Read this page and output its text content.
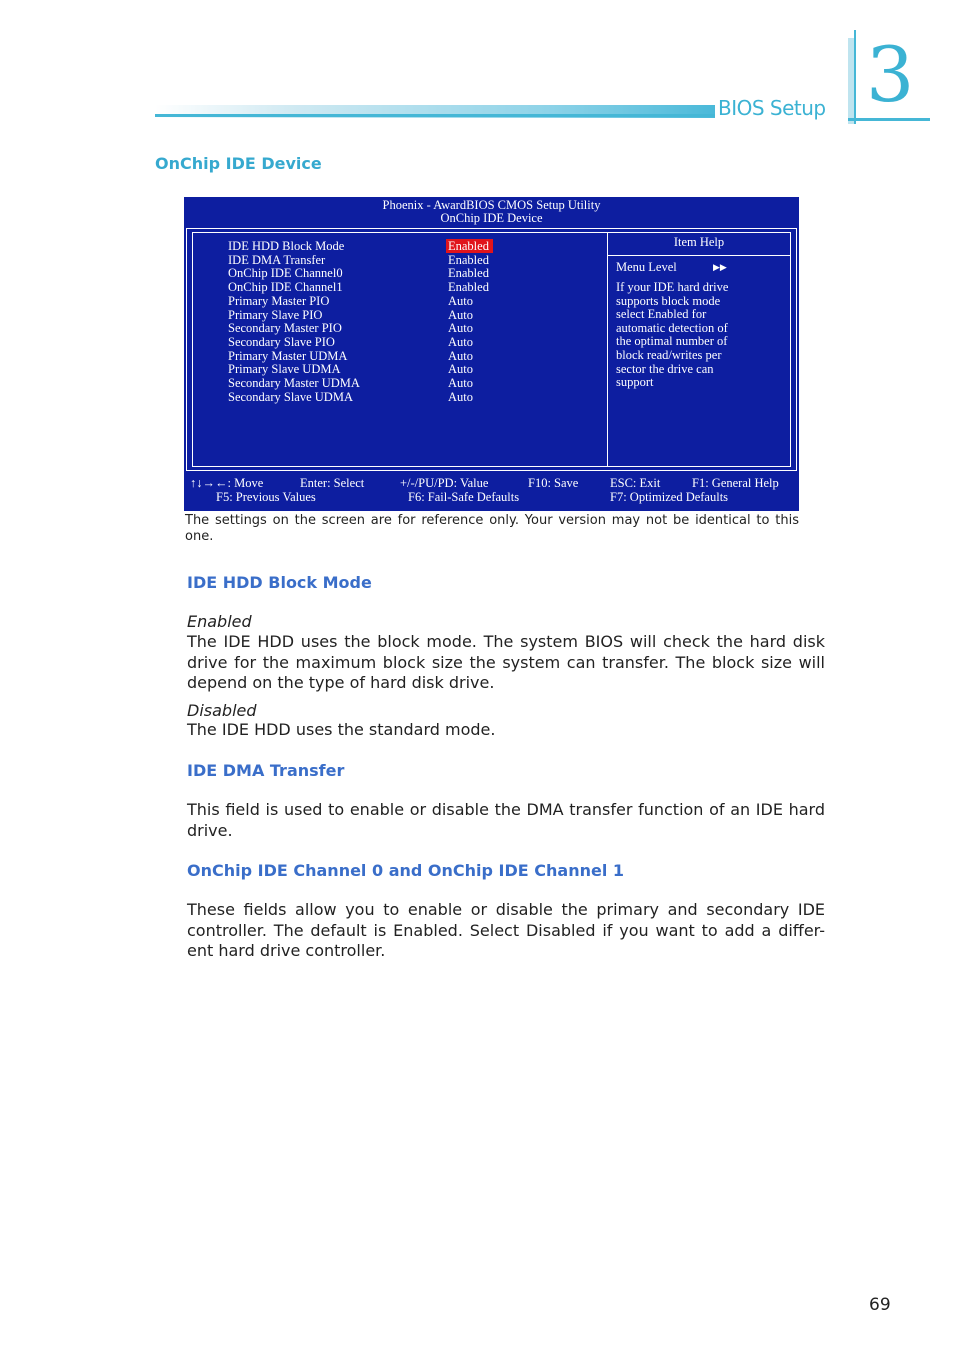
BIOS Setup 3
OnChip IDE Device
Phoenix - AwardBIOS CMOS Setup Utility
OnChip IDE Device
IDE HDD Block Mode	Enabled
IDE DMA Transfer	Enabled
OnChip IDE Channel0	Enabled
OnChip IDE Channel1	Enabled
Primary Master PIO	Auto
Primary Slave PIO	Auto
Secondary Master PIO	Auto
Secondary Slave PIO	Auto
Primary Master UDMA	Auto
Primary Slave UDMA	Auto
Secondary Master UDMA	Auto
Secondary Slave UDMA	Auto
Item Help
Menu Level	▶▶
If your IDE hard drive
supports block mode
select Enabled for
automatic detection of
the optimal number of
block read/writes per
sector the drive can
support
↑↓→←: Move	Enter: Select	+/-/PU/PD: Value	F10: Save	ESC: Exit	F1: General Help
F5: Previous Values	F6: Fail-Safe Defaults	F7: Optimized Defaults
The settings on the screen are for reference only. Your version may not be identical to this one.
IDE HDD Block Mode
Enabled
The IDE HDD uses the block mode. The system BIOS will check the hard disk drive for the maximum block size the system can transfer. The block size will depend on the type of hard disk drive.
Disabled
The IDE HDD uses the standard mode.
IDE DMA Transfer
This field is used to enable or disable the DMA transfer function of an IDE hard drive.
OnChip IDE Channel 0 and OnChip IDE Channel 1
These fields allow you to enable or disable the primary and secondary IDE controller. The default is Enabled. Select Disabled if you want to add a differ-ent hard drive controller.
69
